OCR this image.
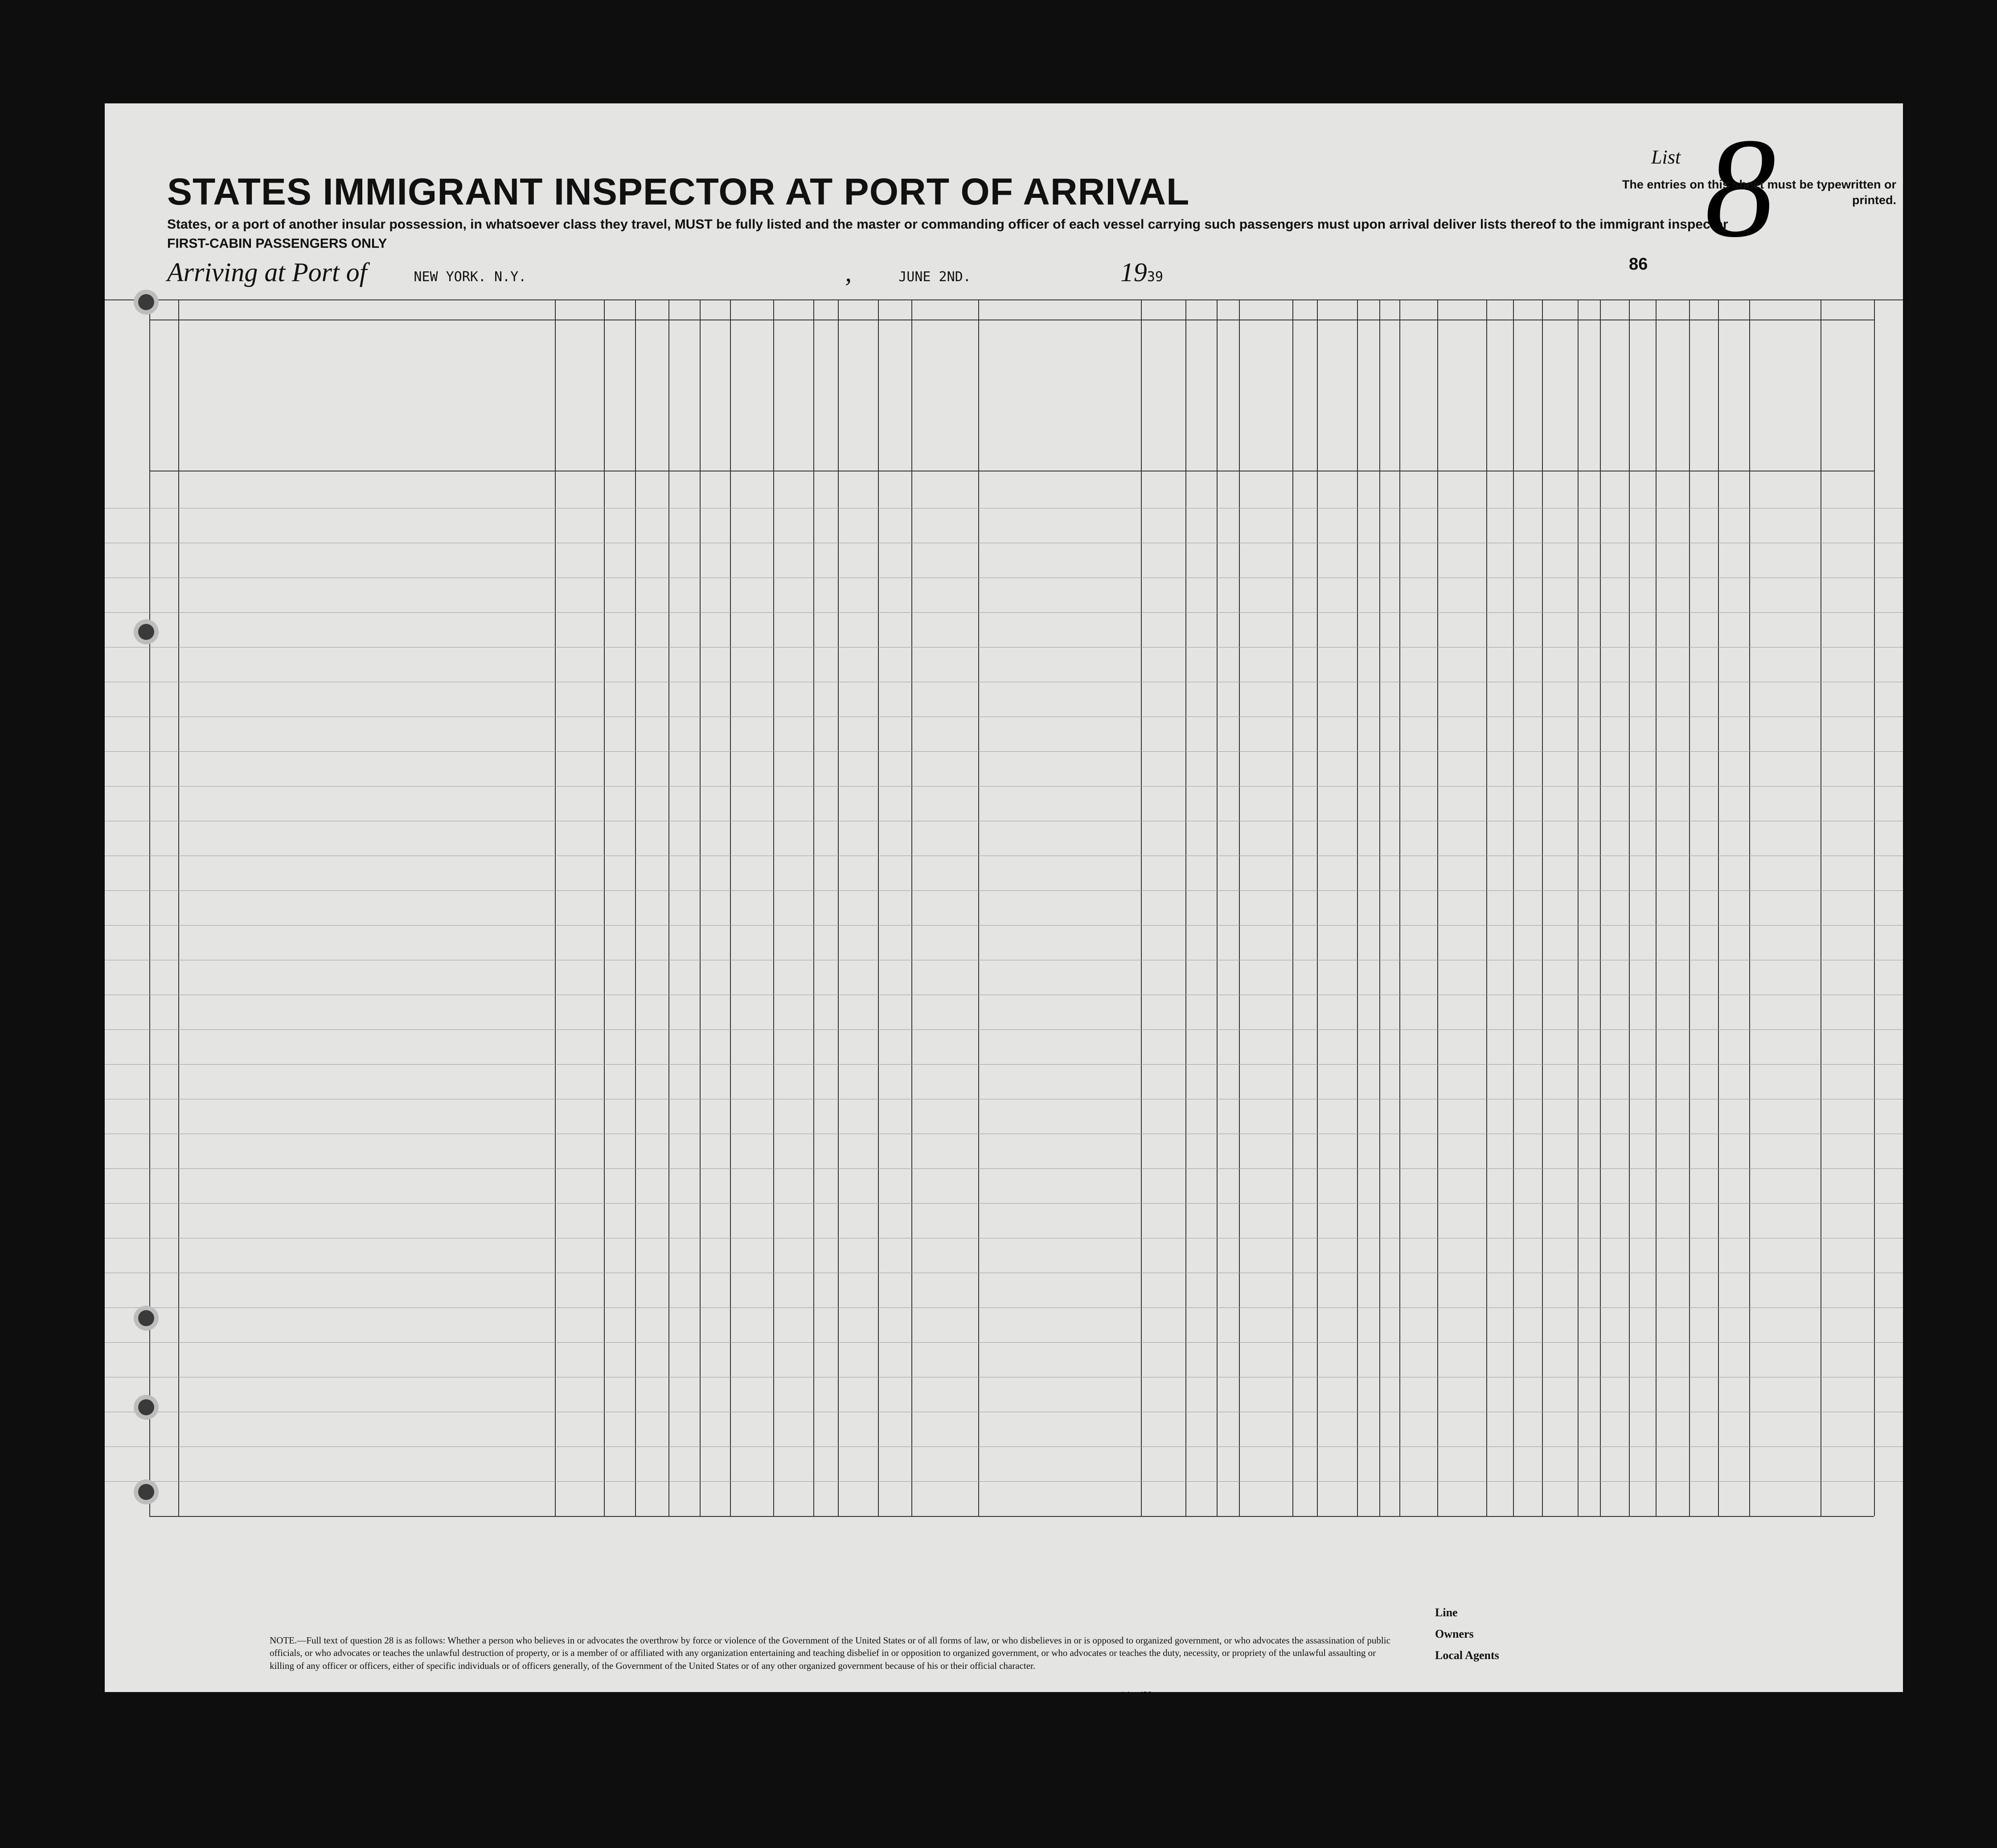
STATES IMMIGRANT INSPECTOR AT PORT OF ARRIVAL
States, or a port of another insular possession, in whatsoever class they travel, MUST be fully listed and the master or commanding officer of each vessel carrying such passengers must upon arrival deliver lists thereof to the immigrant inspector
FIRST-CABIN PASSENGERS ONLY
Arriving at Port of	NEW YORK. N.Y.	,	JUNE 2ND.	1939
List 8
The entries on this sheet must be typewritten or printed.
86
NOTE.—Full text of question 28 is as follows: Whether a person who believes in or advocates the overthrow by force or violence of the Government of the United States or of all forms of law, or who disbelieves in or is opposed to organized government, or who advocates the assassination of public officials, or who advocates or teaches the unlawful destruction of property, or is a member of or affiliated with any organization entertaining and teaching disbelief in or opposition to organized government, or who advocates or teaches the duty, necessity, or propriety of the unlawful assaulting or killing of any officer or officers, either of specific individuals or of officers generally, of the Government of the United States or of any other organized government because of his or their official character.
14—430
Line
Owners
Local Agents
